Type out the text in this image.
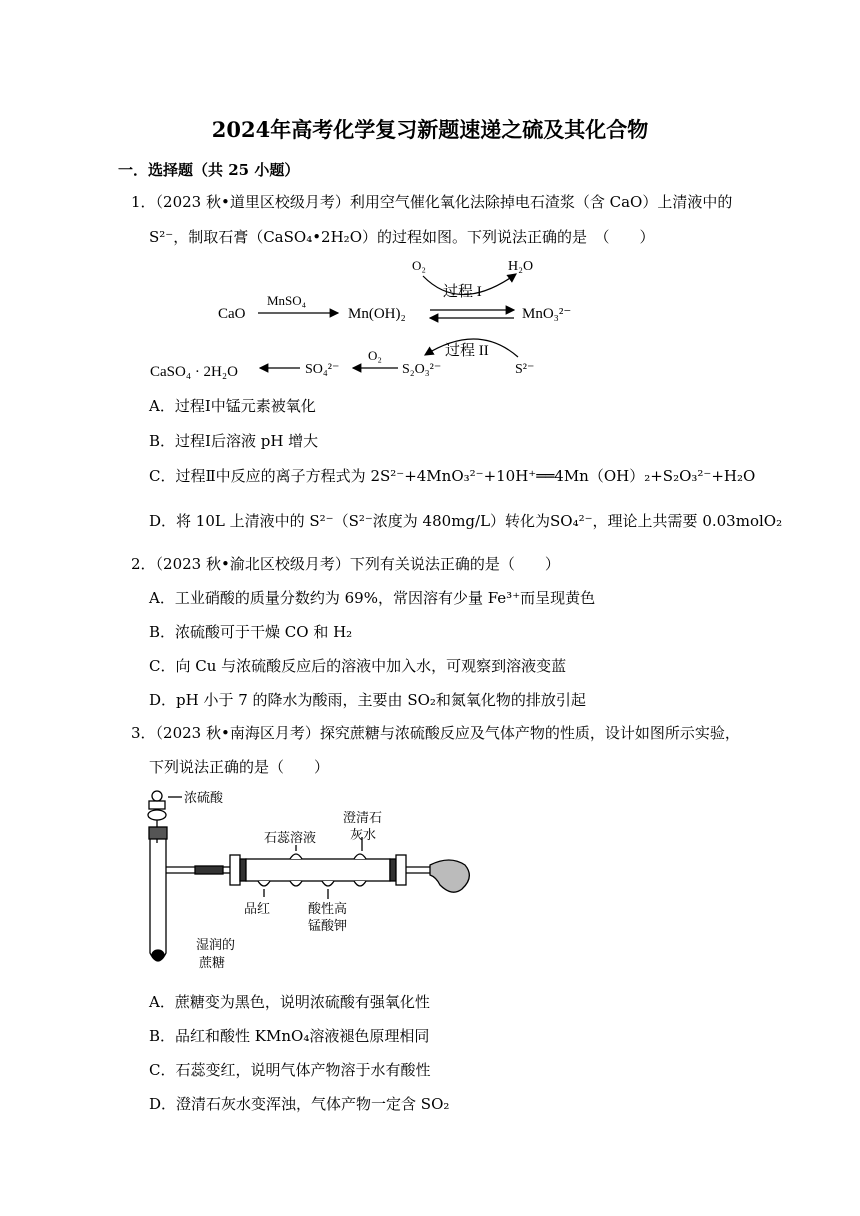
2024年高考化学复习新题速递之硫及其化合物
一．选择题（共 25 小题）
1．（2023 秋•道里区校级月考）利用空气催化氧化法除掉电石渣浆（含 CaO）上清液中的
S²⁻，制取石膏（CaSO₄•2H₂O）的过程如图。下列说法正确的是　（　　）
CaO
MnSO₄
Mn(OH)₂	MnO₃²⁻
O₂	H₂O
过程 I
过程 II
S²⁻
S₂O₃²⁻
O₂
SO₄²⁻
CaSO₄ · 2H₂O
A．过程Ⅰ中锰元素被氧化
B．过程Ⅰ后溶液 pH 增大
C．过程Ⅱ中反应的离子方程式为 2S²⁻+4MnO₃²⁻+10H⁺══4Mn（OH）₂+S₂O₃²⁻+H₂O
D．将 10L 上清液中的 S²⁻（S²⁻浓度为 480mg/L）转化为SO₄²⁻，理论上共需要 0.03molO₂
2．（2023 秋•渝北区校级月考）下列有关说法正确的是（　　）
A．工业硝酸的质量分数约为 69%，常因溶有少量 Fe³⁺而呈现黄色
B．浓硫酸可于干燥 CO 和 H₂
C．向 Cu 与浓硫酸反应后的溶液中加入水，可观察到溶液变蓝
D．pH 小于 7 的降水为酸雨，主要由 SO₂和氮氧化物的排放引起
3．（2023 秋•南海区月考）探究蔗糖与浓硫酸反应及气体产物的性质，设计如图所示实验，
下列说法正确的是（　　）
浓硫酸
石蕊溶液
澄清石
灰水
品红	酸性高
锰酸钾
湿润的
蔗糖
A．蔗糖变为黑色，说明浓硫酸有强氧化性
B．品红和酸性 KMnO₄溶液褪色原理相同
C．石蕊变红，说明气体产物溶于水有酸性
D．澄清石灰水变浑浊，气体产物一定含 SO₂
